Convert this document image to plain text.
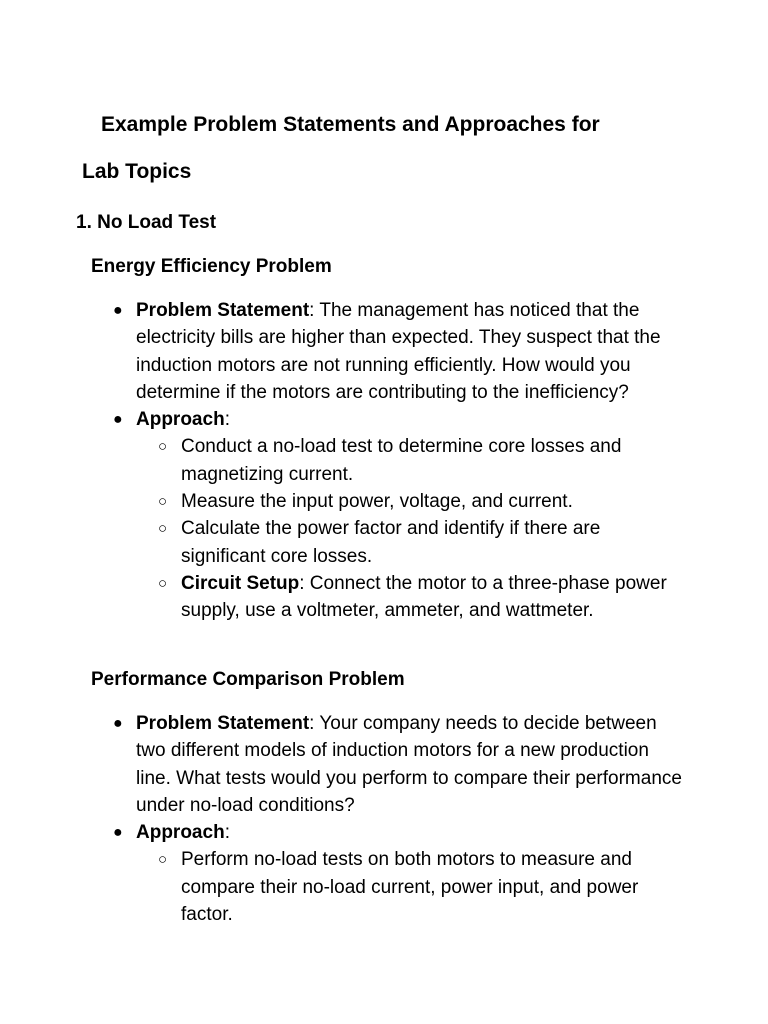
Example Problem Statements and Approaches for
Lab Topics
1. No Load Test
Energy Efficiency Problem
● Problem Statement: The management has noticed that the electricity bills are higher than expected. They suspect that the induction motors are not running efficiently. How would you determine if the motors are contributing to the inefficiency?
● Approach:
○ Conduct a no-load test to determine core losses and magnetizing current.
○ Measure the input power, voltage, and current.
○ Calculate the power factor and identify if there are significant core losses.
○ Circuit Setup: Connect the motor to a three-phase power supply, use a voltmeter, ammeter, and wattmeter.
Performance Comparison Problem
● Problem Statement: Your company needs to decide between two different models of induction motors for a new production line. What tests would you perform to compare their performance under no-load conditions?
● Approach:
○ Perform no-load tests on both motors to measure and compare their no-load current, power input, and power factor.
